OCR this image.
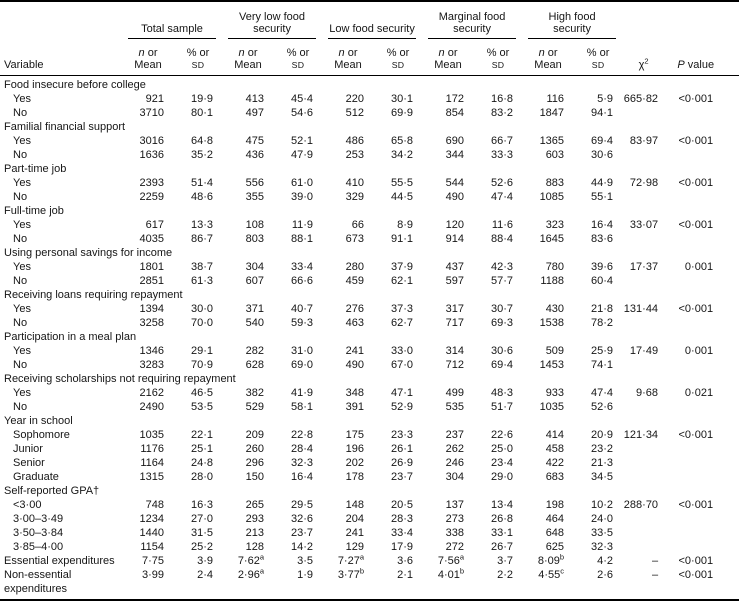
	Total sample		Very low food security		Low food security		Marginal food security		High food security			

Variable	n or Mean	% or SD	n or Mean	% or SD	n or Mean	% or SD	n or Mean	% or SD	n or Mean	% or SD	$\chi^2$	P value
Food insecure before college												
Yes	921	19·9	413	45·4	220	30·1	172	16·8	116	5·9	665·82	<0·001
No	3710	80·1	497	54·6	512	69·9	854	83·2	1847	94·1		
Familial financial support												
Yes	3016	64·8	475	52·1	486	65·8	690	66·7	1365	69·4	83·97	<0·001
No	1636	35·2	436	47·9	253	34·2	344	33·3	603	30·6		
Part-time job												
Yes	2393	51·4	556	61·0	410	55·5	544	52·6	883	44·9	72·98	<0·001
No	2259	48·6	355	39·0	329	44·5	490	47·4	1085	55·1		
Full-time job												
Yes	617	13·3	108	11·9	66	8·9	120	11·6	323	16·4	33·07	<0·001
No	4035	86·7	803	88·1	673	91·1	914	88·4	1645	83·6		
Using personal savings for income												
Yes	1801	38·7	304	33·4	280	37·9	437	42·3	780	39·6	17·37	0·001
No	2851	61·3	607	66·6	459	62·1	597	57·7	1188	60·4		
Receiving loans requiring repayment												
Yes	1394	30·0	371	40·7	276	37·3	317	30·7	430	21·8	131·44	<0·001
No	3258	70·0	540	59·3	463	62·7	717	69·3	1538	78·2		
Participation in a meal plan												
Yes	1346	29·1	282	31·0	241	33·0	314	30·6	509	25·9	17·49	0·001
No	3283	70·9	628	69·0	490	67·0	712	69·4	1453	74·1		
Receiving scholarships not requiring repayment												
Yes	2162	46·5	382	41·9	348	47·1	499	48·3	933	47·4	9·68	0·021
No	2490	53·5	529	58·1	391	52·9	535	51·7	1035	52·6		
Year in school												
Sophomore	1035	22·1	209	22·8	175	23·3	237	22·6	414	20·9	121·34	<0·001
Junior	1176	25·1	260	28·4	196	26·1	262	25·0	458	23·2		
Senior	1164	24·8	296	32·3	202	26·9	246	23·4	422	21·3		
Graduate	1315	28·0	150	16·4	178	23·7	304	29·0	683	34·5		
Self-reported GPA†												
<3·00	748	16·3	265	29·5	148	20·5	137	13·4	198	10·2	288·70	<0·001
3·00–3·49	1234	27·0	293	32·6	204	28·3	273	26·8	464	24·0		
3·50–3·84	1440	31·5	213	23·7	241	33·4	338	33·1	648	33·5		
3·85–4·00	1154	25·2	128	14·2	129	17·9	272	26·7	625	32·3		
Essential expenditures	7·75	3·9	$7\cdot 62^a$	3·5	$7\cdot 27^a$	3·6	$7\cdot 56^a$	3·7	$8\cdot 09^b$	4·2	–	<0·001
Non-essential expenditures	3·99	2·4	$2\cdot 96^a$	1·9	$3\cdot 77^b$	2·1	$4\cdot 01^b$	2·2	$4\cdot 55^c$	2·6	–	<0·001
